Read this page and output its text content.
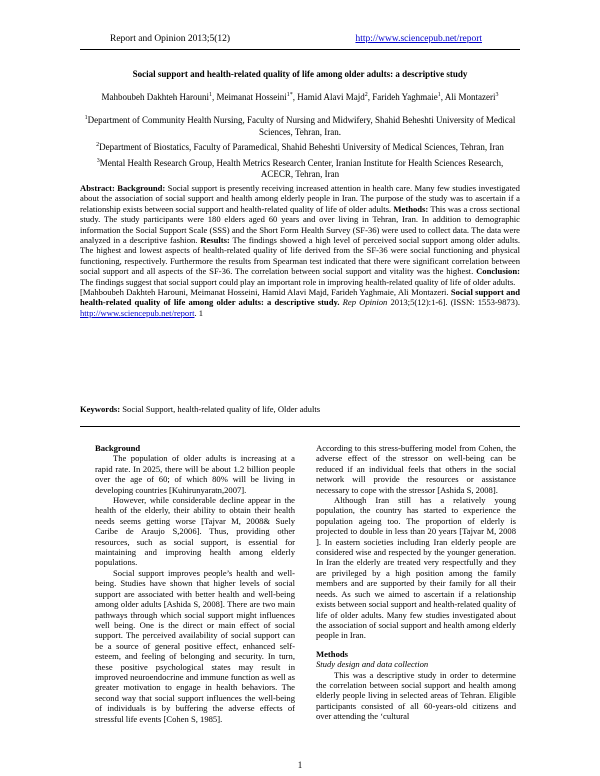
Report and Opinion 2013;5(12)	http://www.sciencepub.net/report
Social support and health-related quality of life among older adults: a descriptive study
Mahboubeh Dakhteh Harouni$^1$, Meimanat Hosseini$^{1*}$, Hamid Alavi Majd$^2$, Farideh Yaghmaie$^1$, Ali Montazeri$^3$

$^1$Department of Community Health Nursing, Faculty of Nursing and Midwifery, Shahid Beheshti University of Medical Sciences, Tehran, Iran.

$^2$Department of Biostatics, Faculty of Paramedical, Shahid Beheshti University of Medical Sciences, Tehran, Iran

$^3$Mental Health Research Group, Health Metrics Research Center, Iranian Institute for Health Sciences Research, ACECR, Tehran, Iran

Abstract: Background: Social support is presently receiving increased attention in health care. Many few studies investigated about the association of social support and health among elderly people in Iran. The purpose of the study was to ascertain if a relationship exists between social support and health-related quality of life of older adults. Methods: This was a cross sectional study. The study participants were 180 elders aged 60 years and over living in Tehran, Iran. In addition to demographic information the Social Support Scale (SSS) and the Short Form Health Survey (SF-36) were used to collect data. The data were analyzed in a descriptive fashion. Results: The findings showed a high level of perceived social support among older adults. The highest and lowest aspects of health-related quality of life derived from the SF-36 were social functioning and physical functioning, respectively. Furthermore the results from Spearman test indicated that there were significant correlation between social support and all aspects of the SF-36. The correlation between social support and vitality was the highest. Conclusion: The findings suggest that social support could play an important role in improving health-related quality of life of older adults.
[Mahboubeh Dakhteh Harouni, Meimanat Hosseini, Hamid Alavi Majd, Farideh Yaghmaie, Ali Montazeri. Social support and health-related quality of life among older adults: a descriptive study. Rep Opinion 2013;5(12):1-6]. (ISSN: 1553-9873). http://www.sciencepub.net/report. 1
Keywords: Social Support, health-related quality of life, Older adults
Background

The population of older adults is increasing at a rapid rate. In 2025, there will be about 1.2 billion people over the age of 60; of which 80% will be living in developing countries [Kuhirunyaratn,2007].

However, while considerable decline appear in the health of the elderly, their ability to obtain their health needs seems getting worse [Tajvar M, 2008& Suely Caribe de Araujo S,2006]. Thus, providing other resources, such as social support, is essential for maintaining and improving health among elderly populations.

Social support improves people’s health and well-being. Studies have shown that higher levels of social support are associated with better health and well-being among older adults [Ashida S, 2008]. There are two main pathways through which social support might influences well being. One is the direct or main effect of social support. The perceived availability of social support can be a source of general positive effect, enhanced self-esteem, and feeling of belonging and security. In turn, these positive psychological states may result in improved neuroendocrine and immune function as well as greater motivation to engage in health behaviors. The second way that social support influences the well-being of individuals is by buffering the adverse effects of stressful life events [Cohen S, 1985].

According to this stress-buffering model from Cohen, the adverse effect of the stressor on well-being can be reduced if an individual feels that others in the social network will provide the resources or assistance necessary to cope with the stressor [Ashida S, 2008].

Although Iran still has a relatively young population, the country has started to experience the population ageing too. The proportion of elderly is projected to double in less than 20 years [Tajvar M, 2008 ]. In eastern societies including Iran elderly people are considered wise and respected by the younger generation. In Iran the elderly are treated very respectfully and they are privileged by a high position among the family members and are supported by their family for all their needs. As such we aimed to ascertain if a relationship exists between social support and health-related quality of life of older adults. Many few studies investigated about the association of social support and health among elderly people in Iran.

Methods
Study design and data collection

This was a descriptive study in order to determine the correlation between social support and health among elderly people living in selected areas of Tehran. Eligible participants consisted of all 60-years-old citizens and over attending the ‘cultural

1
